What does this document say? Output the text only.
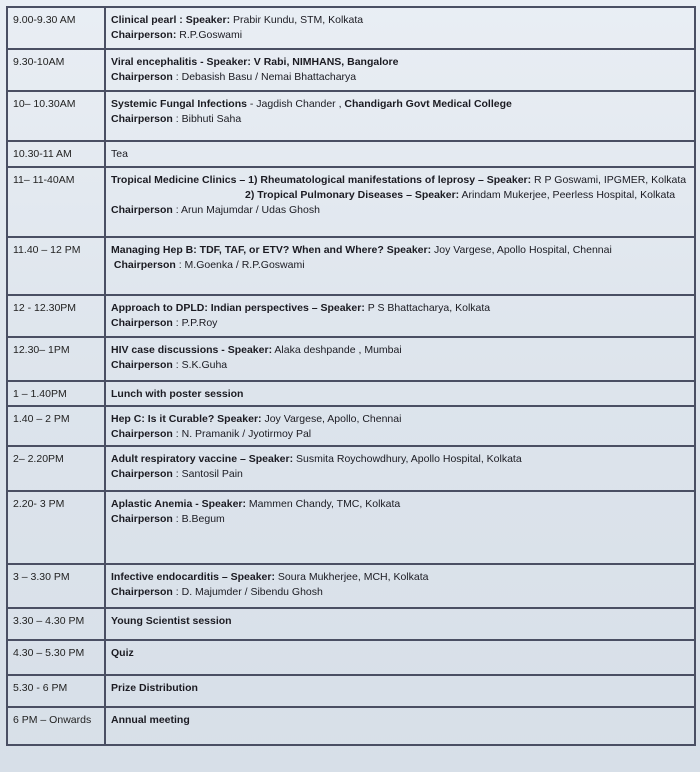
9.00-9.30 AM	Clinical pearl : Speaker: Prabir Kundu, STM, Kolkata
Chairperson: R.P.Goswami

9.30-10AM	Viral encephalitis - Speaker: V Rabi, NIMHANS, Bangalore
Chairperson : Debasish Basu / Nemai Bhattacharya

10– 10.30AM	Systemic Fungal Infections - Jagdish Chander , Chandigarh Govt Medical College
Chairperson : Bibhuti Saha

10.30-11 AM	Tea
11– 11-40AM	Tropical Medicine Clinics – 1) Rheumatological manifestations of leprosy – Speaker: R P Goswami, IPGMER, Kolkata
2) Tropical Pulmonary Diseases – Speaker: Arindam Mukerjee, Peerless Hospital, Kolkata
Chairperson : Arun Majumdar / Udas Ghosh

11.40 – 12 PM	Managing Hep B: TDF, TAF, or ETV? When and Where? Speaker: Joy Vargese, Apollo Hospital, Chennai
Chairperson : M.Goenka / R.P.Goswami

12 - 12.30PM	Approach to DPLD: Indian perspectives – Speaker: P S Bhattacharya, Kolkata
Chairperson : P.P.Roy

12.30– 1PM	HIV case discussions - Speaker: Alaka deshpande , Mumbai
Chairperson : S.K.Guha

1 – 1.40PM	Lunch with poster session
1.40 – 2 PM	Hep C: Is it Curable? Speaker: Joy Vargese, Apollo, Chennai
Chairperson : N. Pramanik / Jyotirmoy Pal

2– 2.20PM	Adult respiratory vaccine – Speaker: Susmita Roychowdhury, Apollo Hospital, Kolkata
Chairperson : Santosil Pain

2.20- 3 PM	Aplastic Anemia - Speaker: Mammen Chandy, TMC, Kolkata
Chairperson : B.Begum

3 – 3.30 PM	Infective endocarditis – Speaker: Soura Mukherjee, MCH, Kolkata
Chairperson : D. Majumder / Sibendu Ghosh

3.30 – 4.30 PM	Young Scientist session
4.30 – 5.30 PM	Quiz
5.30 - 6 PM	Prize Distribution
6 PM – Onwards	Annual meeting
